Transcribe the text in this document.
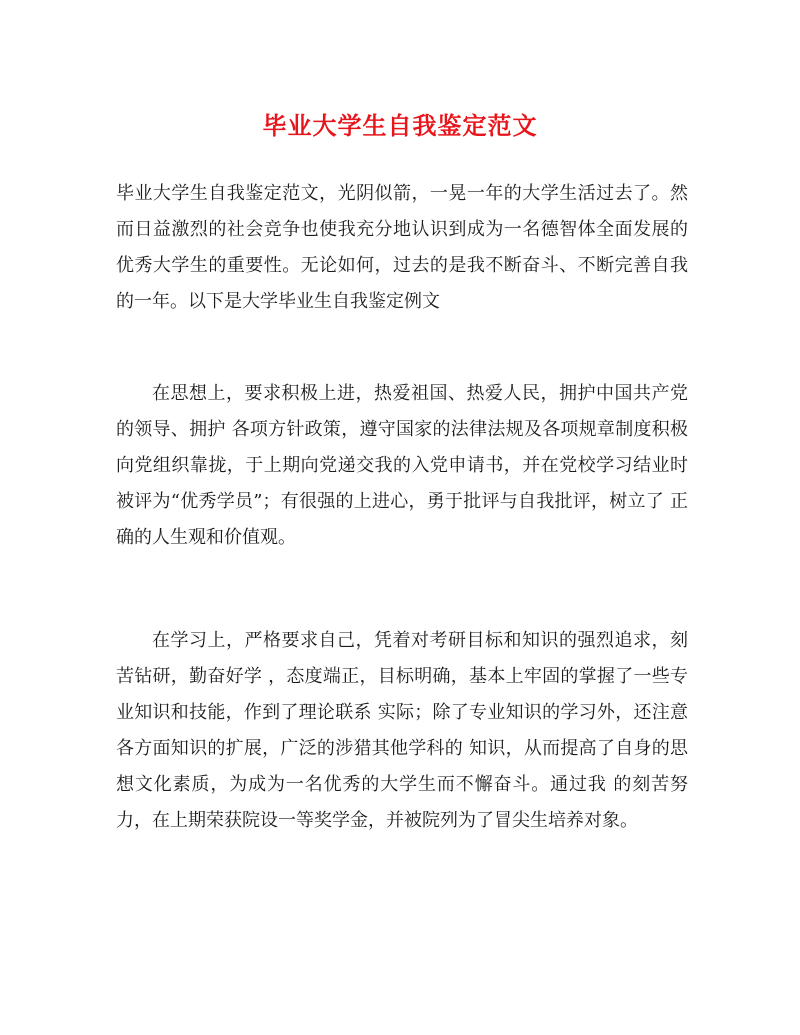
毕业大学生自我鉴定范文

毕业大学生自我鉴定范文，光阴似箭，一晃一年的大学生活过去了。然而日益激烈的社会竞争也使我充分地认识到成为一名德智体全面发展的优秀大学生的重要性。无论如何，过去的是我不断奋斗、不断完善自我的一年。以下是大学毕业生自我鉴定例文

在思想上，要求积极上进，热爱祖国、热爱人民，拥护中国共产党的领导、拥护 各项方针政策，遵守国家的法律法规及各项规章制度积极向党组织靠拢，于上期向党递交我的入党申请书，并在党校学习结业时被评为“优秀学员”；有很强的上进心，勇于批评与自我批评，树立了 正确的人生观和价值观。

在学习上，严格要求自己，凭着对考研目标和知识的强烈追求，刻苦钻研，勤奋好学 ，态度端正，目标明确，基本上牢固的掌握了一些专业知识和技能，作到了理论联系 实际；除了专业知识的学习外，还注意各方面知识的扩展，广泛的涉猎其他学科的 知识，从而提高了自身的思想文化素质，为成为一名优秀的大学生而不懈奋斗。通过我 的刻苦努力，在上期荣获院设一等奖学金，并被院列为了冒尖生培养对象。
